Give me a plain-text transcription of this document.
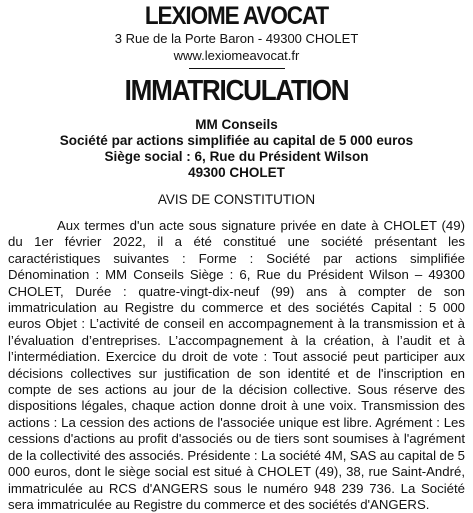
LEXIOME AVOCAT

3 Rue de la Porte Baron - 49300 CHOLET

www.lexiomeavocat.fr

IMMATRICULATION
MM Conseils
Société par actions simplifiée au capital de 5 000 euros
Siège social : 6, Rue du Président Wilson
49300 CHOLET
AVIS DE CONSTITUTION

Aux termes d'un acte sous signature privée en date à CHOLET (49) du 1er février 2022, il a été constitué une société présentant les caractéristiques suivantes : Forme : Société par actions simplifiée Dénomination : MM Conseils Siège : 6, Rue du Président Wilson – 49300 CHOLET, Durée : quatre-vingt-dix-neuf (99) ans à compter de son immatriculation au Registre du commerce et des sociétés Capital : 5 000 euros Objet : L’activité de conseil en accompagnement à la transmission et à l’évaluation d’entreprises. L’accompagnement à la création, à l’audit et à l’intermédiation. Exercice du droit de vote : Tout associé peut participer aux décisions collectives sur justification de son identité et de l'inscription en compte de ses actions au jour de la décision collective. Sous réserve des dispositions légales, chaque action donne droit à une voix. Transmission des actions : La cession des actions de l'associée unique est libre. Agrément : Les cessions d'actions au profit d'associés ou de tiers sont soumises à l'agrément de la collectivité des associés. Présidente : La société 4M, SAS au capital de 5 000 euros, dont le siège social est situé à CHOLET (49), 38, rue Saint-André, immatriculée au RCS d'ANGERS sous le numéro 948 239 736. La Société sera immatriculée au Registre du commerce et des sociétés d'ANGERS.
